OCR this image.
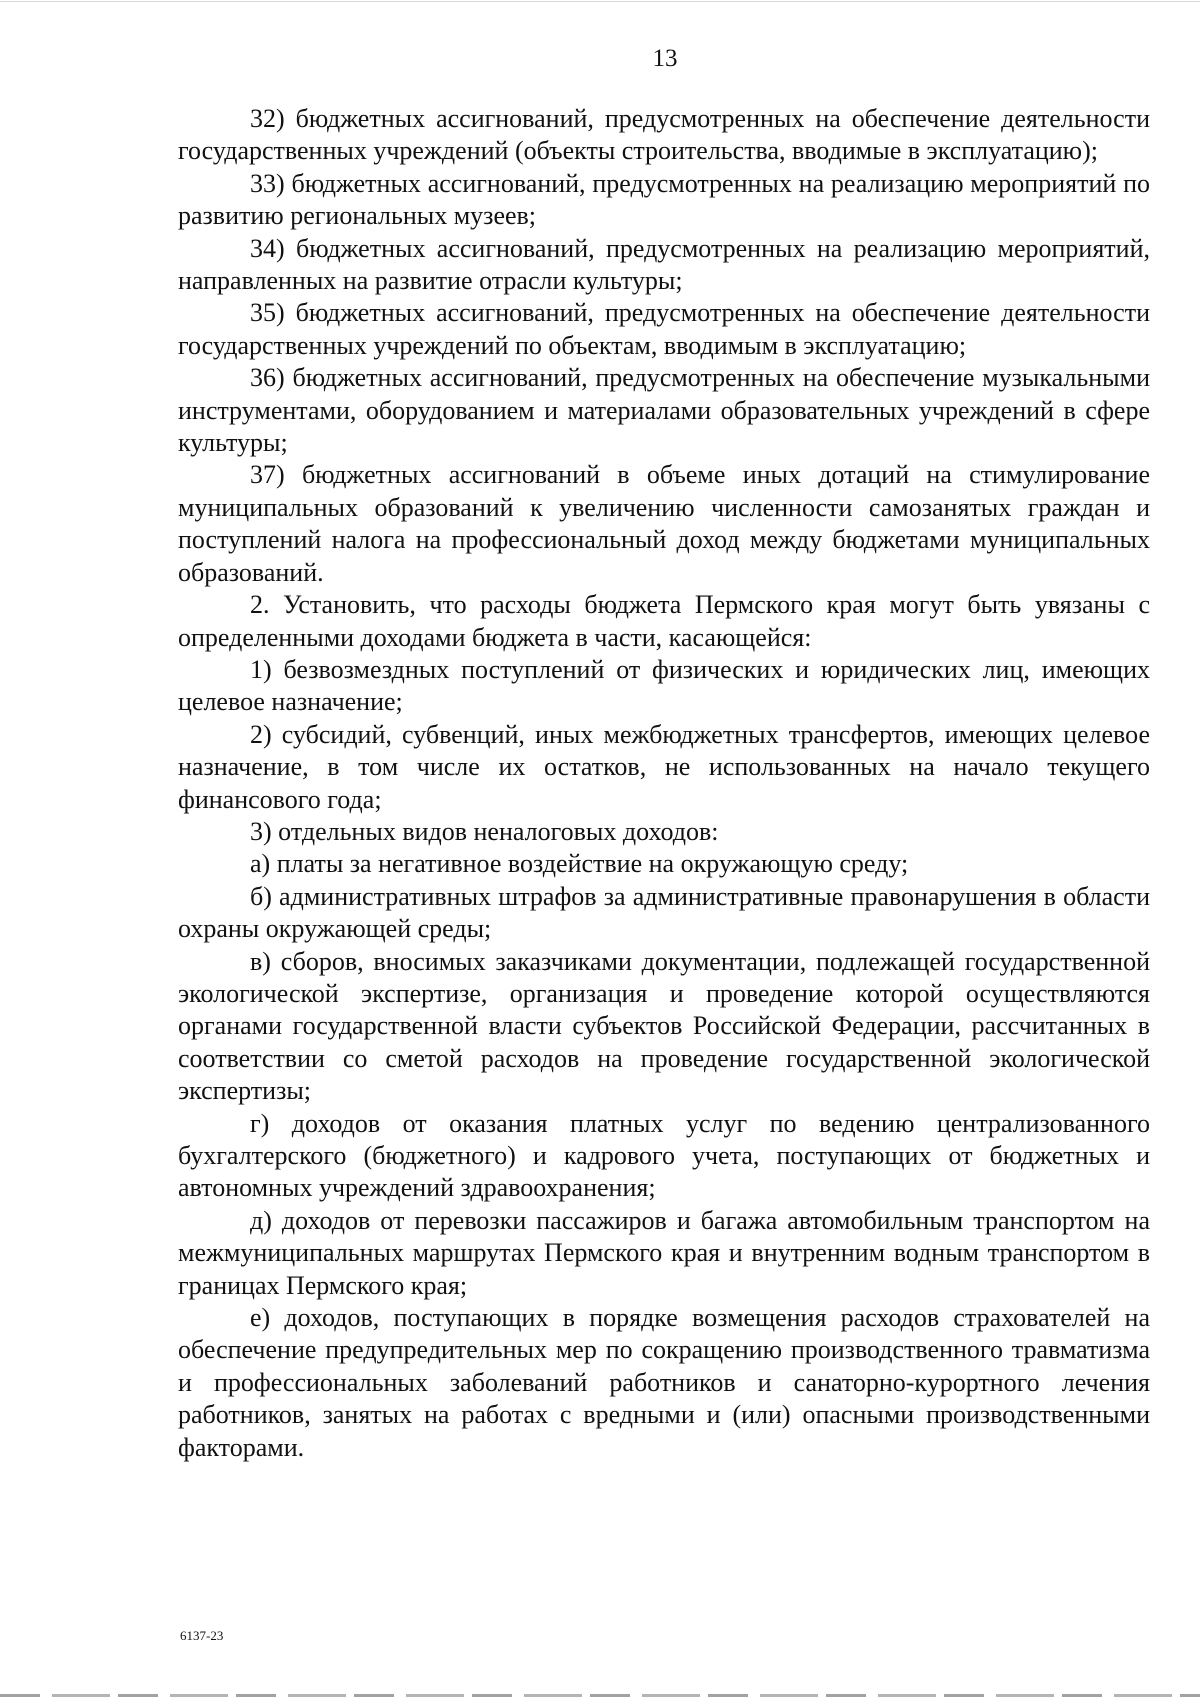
13

32) бюджетных ассигнований, предусмотренных на обеспечение деятельности государственных учреждений (объекты строительства, вводимые в эксплуатацию);

33) бюджетных ассигнований, предусмотренных на реализацию мероприятий по развитию региональных музеев;

34) бюджетных ассигнований, предусмотренных на реализацию мероприятий, направленных на развитие отрасли культуры;

35) бюджетных ассигнований, предусмотренных на обеспечение деятельности государственных учреждений по объектам, вводимым в эксплуатацию;

36) бюджетных ассигнований, предусмотренных на обеспечение музыкальными инструментами, оборудованием и материалами образовательных учреждений в сфере культуры;

37) бюджетных ассигнований в объеме иных дотаций на стимулирование муниципальных образований к увеличению численности самозанятых граждан и поступлений налога на профессиональный доход между бюджетами муниципальных образований.

2. Установить, что расходы бюджета Пермского края могут быть увязаны с определенными доходами бюджета в части, касающейся:

1) безвозмездных поступлений от физических и юридических лиц, имеющих целевое назначение;

2) субсидий, субвенций, иных межбюджетных трансфертов, имеющих целевое назначение, в том числе их остатков, не использованных на начало текущего финансового года;

3) отдельных видов неналоговых доходов:

а) платы за негативное воздействие на окружающую среду;

б) административных штрафов за административные правонарушения в области охраны окружающей среды;

в) сборов, вносимых заказчиками документации, подлежащей государственной экологической экспертизе, организация и проведение которой осуществляются органами государственной власти субъектов Российской Федерации, рассчитанных в соответствии со сметой расходов на проведение государственной экологической экспертизы;

г) доходов от оказания платных услуг по ведению централизованного бухгалтерского (бюджетного) и кадрового учета, поступающих от бюджетных и автономных учреждений здравоохранения;

д) доходов от перевозки пассажиров и багажа автомобильным транспортом на межмуниципальных маршрутах Пермского края и внутренним водным транспортом в границах Пермского края;

е) доходов, поступающих в порядке возмещения расходов страхователей на обеспечение предупредительных мер по сокращению производственного травматизма и профессиональных заболеваний работников и санаторно-курортного лечения работников, занятых на работах с вредными и (или) опасными производственными факторами.

6137-23
